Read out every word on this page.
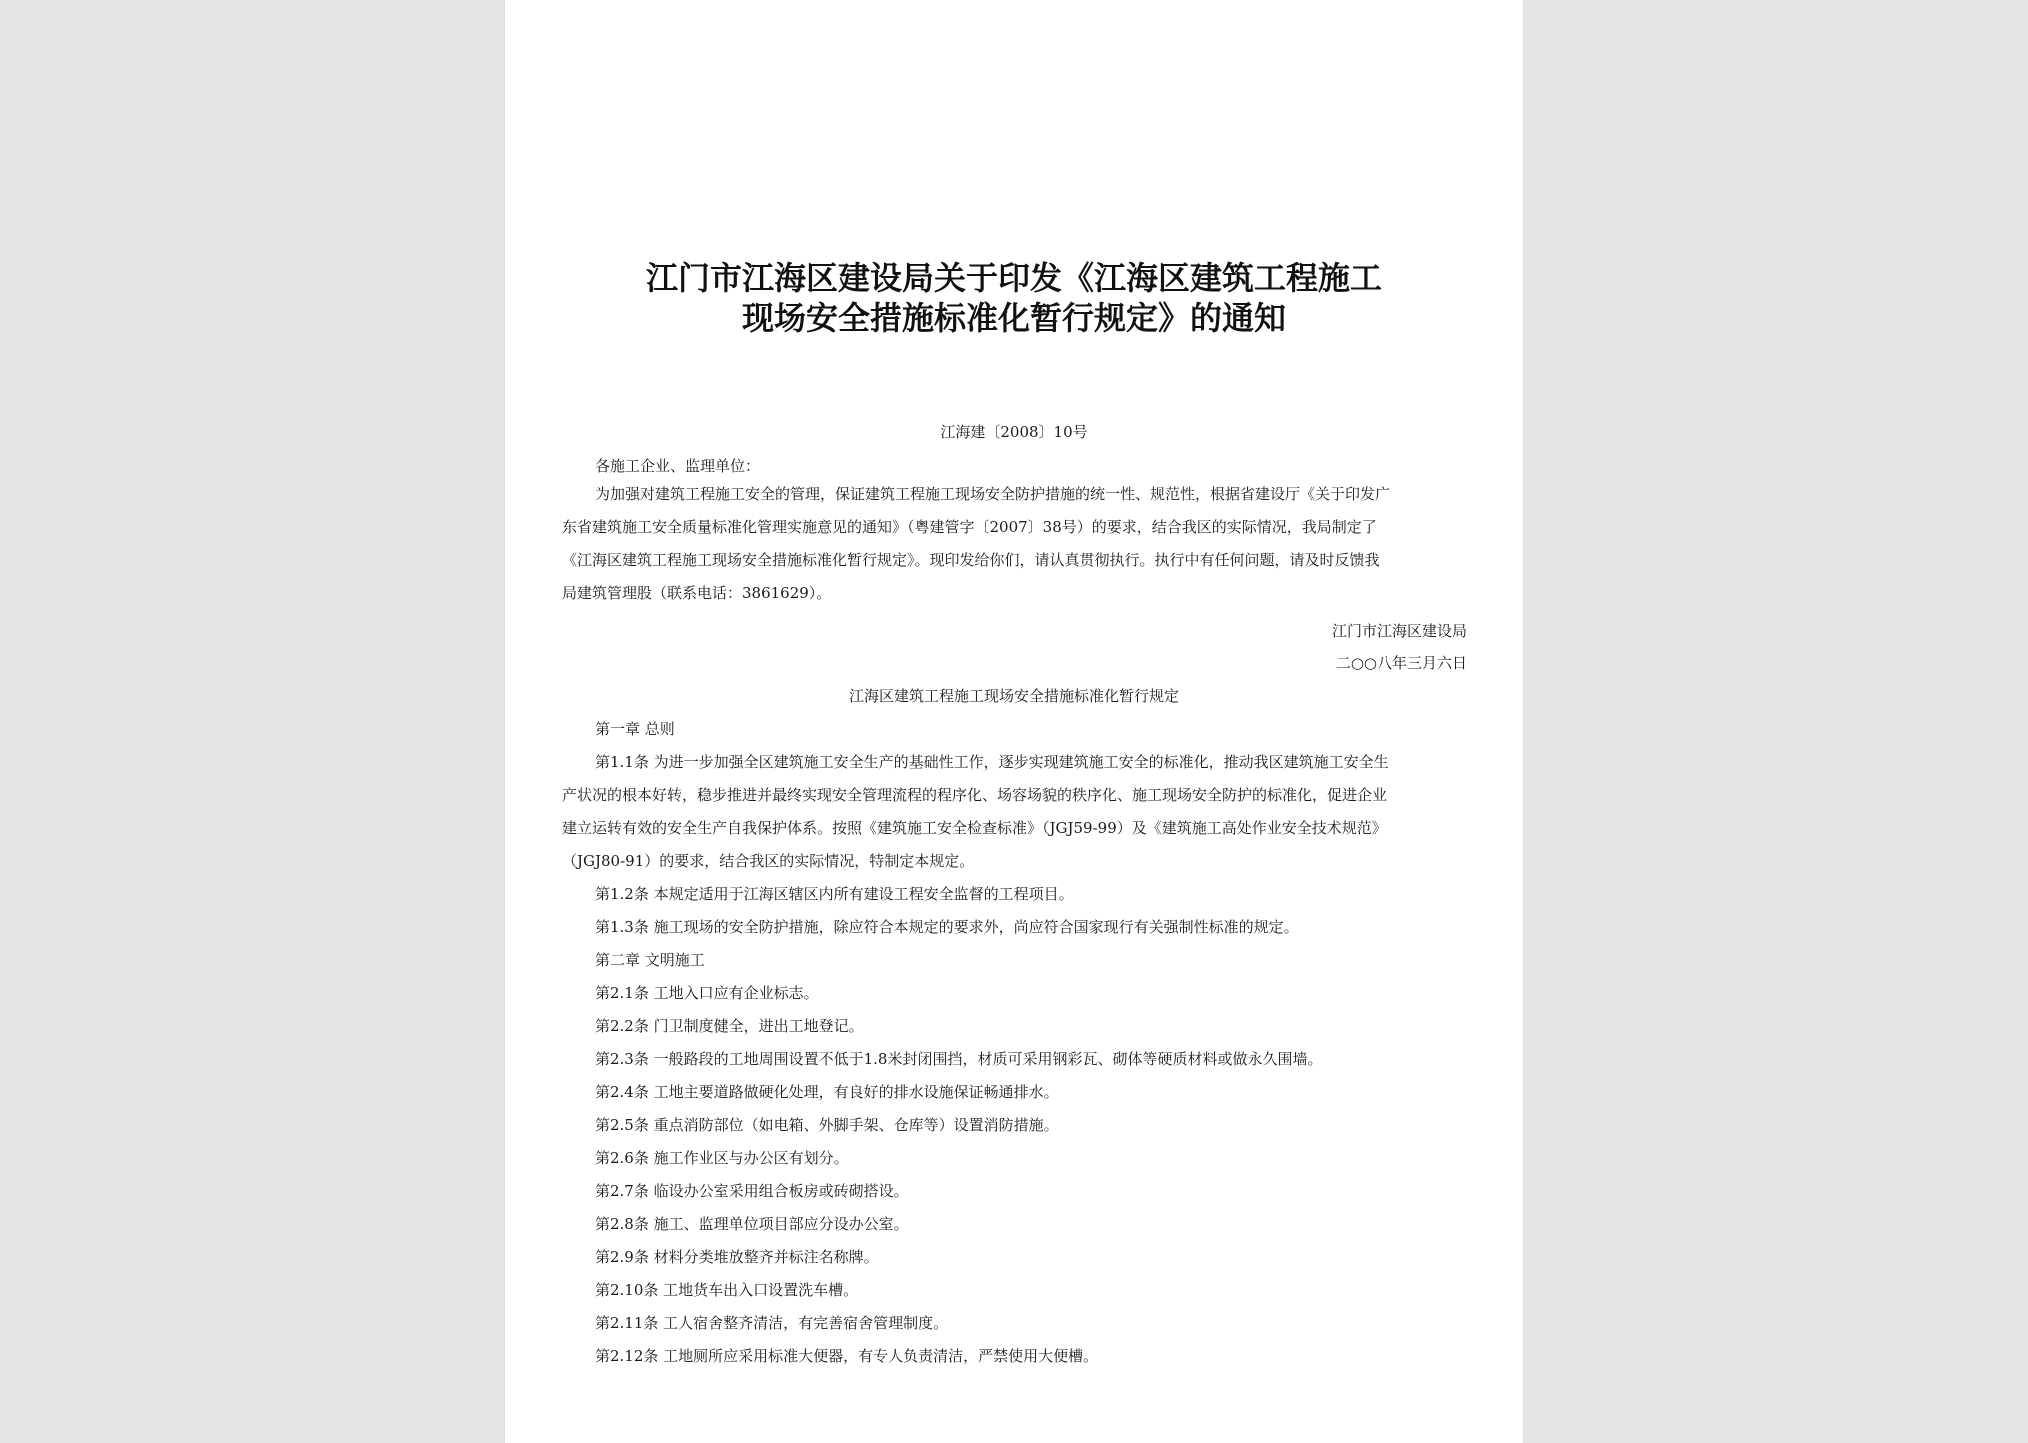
江门市江海区建设局关于印发《江海区建筑工程施工
现场安全措施标准化暂行规定》的通知
江海建〔2008〕10号
各施工企业、监理单位：
为加强对建筑工程施工安全的管理，保证建筑工程施工现场安全防护措施的统一性、规范性，根据省建设厅《关于印发广
东省建筑施工安全质量标准化管理实施意见的通知》（粤建管字〔2007〕38号）的要求，结合我区的实际情况，我局制定了
《江海区建筑工程施工现场安全措施标准化暂行规定》。现印发给你们，请认真贯彻执行。执行中有任何问题，请及时反馈我
局建筑管理股（联系电话：3861629）。
江门市江海区建设局
二○○八年三月六日
江海区建筑工程施工现场安全措施标准化暂行规定
第一章 总则
第1.1条 为进一步加强全区建筑施工安全生产的基础性工作，逐步实现建筑施工安全的标准化，推动我区建筑施工安全生
产状况的根本好转，稳步推进并最终实现安全管理流程的程序化、场容场貌的秩序化、施工现场安全防护的标准化，促进企业
建立运转有效的安全生产自我保护体系。按照《建筑施工安全检查标准》（JGJ59-99）及《建筑施工高处作业安全技术规范》
（JGJ80-91）的要求，结合我区的实际情况，特制定本规定。
第1.2条 本规定适用于江海区辖区内所有建设工程安全监督的工程项目。
第1.3条 施工现场的安全防护措施，除应符合本规定的要求外，尚应符合国家现行有关强制性标准的规定。
第二章 文明施工
第2.1条 工地入口应有企业标志。
第2.2条 门卫制度健全，进出工地登记。
第2.3条 一般路段的工地周围设置不低于1.8米封闭围挡，材质可采用钢彩瓦、砌体等硬质材料或做永久围墙。
第2.4条 工地主要道路做硬化处理，有良好的排水设施保证畅通排水。
第2.5条 重点消防部位（如电箱、外脚手架、仓库等）设置消防措施。
第2.6条 施工作业区与办公区有划分。
第2.7条 临设办公室采用组合板房或砖砌搭设。
第2.8条 施工、监理单位项目部应分设办公室。
第2.9条 材料分类堆放整齐并标注名称牌。
第2.10条 工地货车出入口设置洗车槽。
第2.11条 工人宿舍整齐清洁，有完善宿舍管理制度。
第2.12条 工地厕所应采用标准大便器，有专人负责清洁，严禁使用大便槽。
